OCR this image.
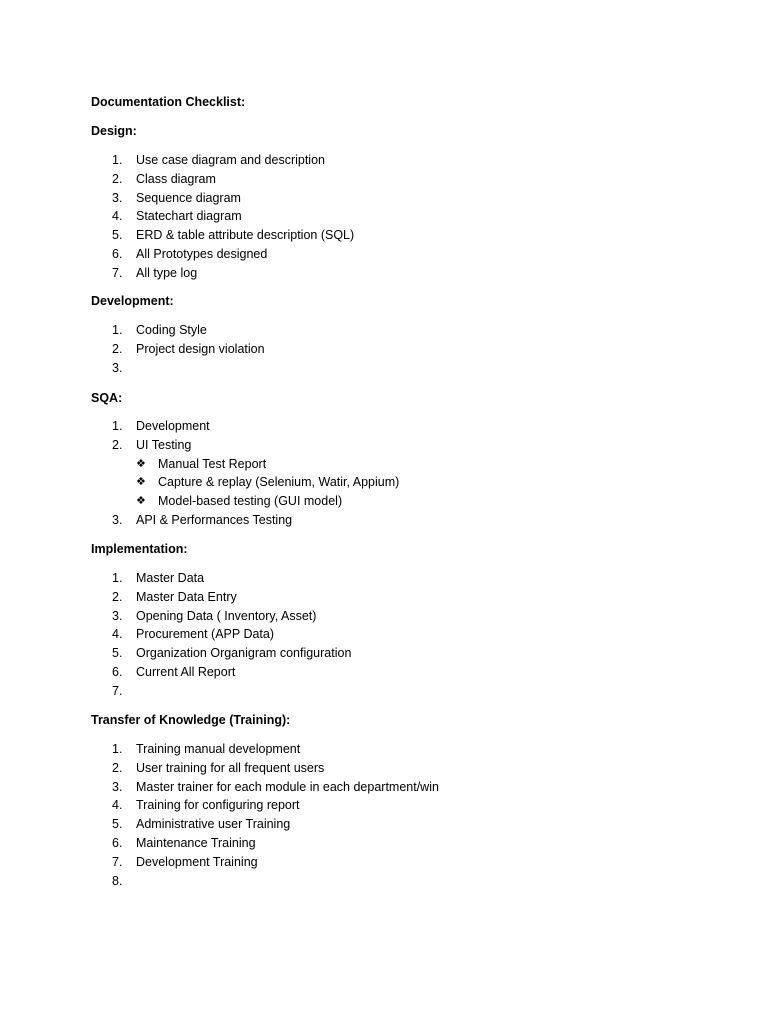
Documentation Checklist:
Design:
1.	Use case diagram and description
2.	Class diagram
3.	Sequence diagram
4.	Statechart diagram
5.	ERD & table attribute description (SQL)
6.	All Prototypes designed
7.	All type log
Development:
1.	Coding Style
2.	Project design violation
3.
SQA:
1.	Development
2.	UI Testing
❖ Manual Test Report
❖ Capture & replay (Selenium, Watir, Appium)
❖ Model-based testing (GUI model)
3.	API & Performances Testing
Implementation:
1.	Master Data
2.	Master Data Entry
3.	Opening Data ( Inventory, Asset)
4.	Procurement (APP Data)
5.	Organization Organigram configuration
6.	Current All Report
7.
Transfer of Knowledge (Training):
1.	Training manual development
2.	User training for all frequent users
3.	Master trainer for each module in each department/win
4.	Training for configuring report
5.	Administrative user Training
6.	Maintenance Training
7.	Development Training
8.
